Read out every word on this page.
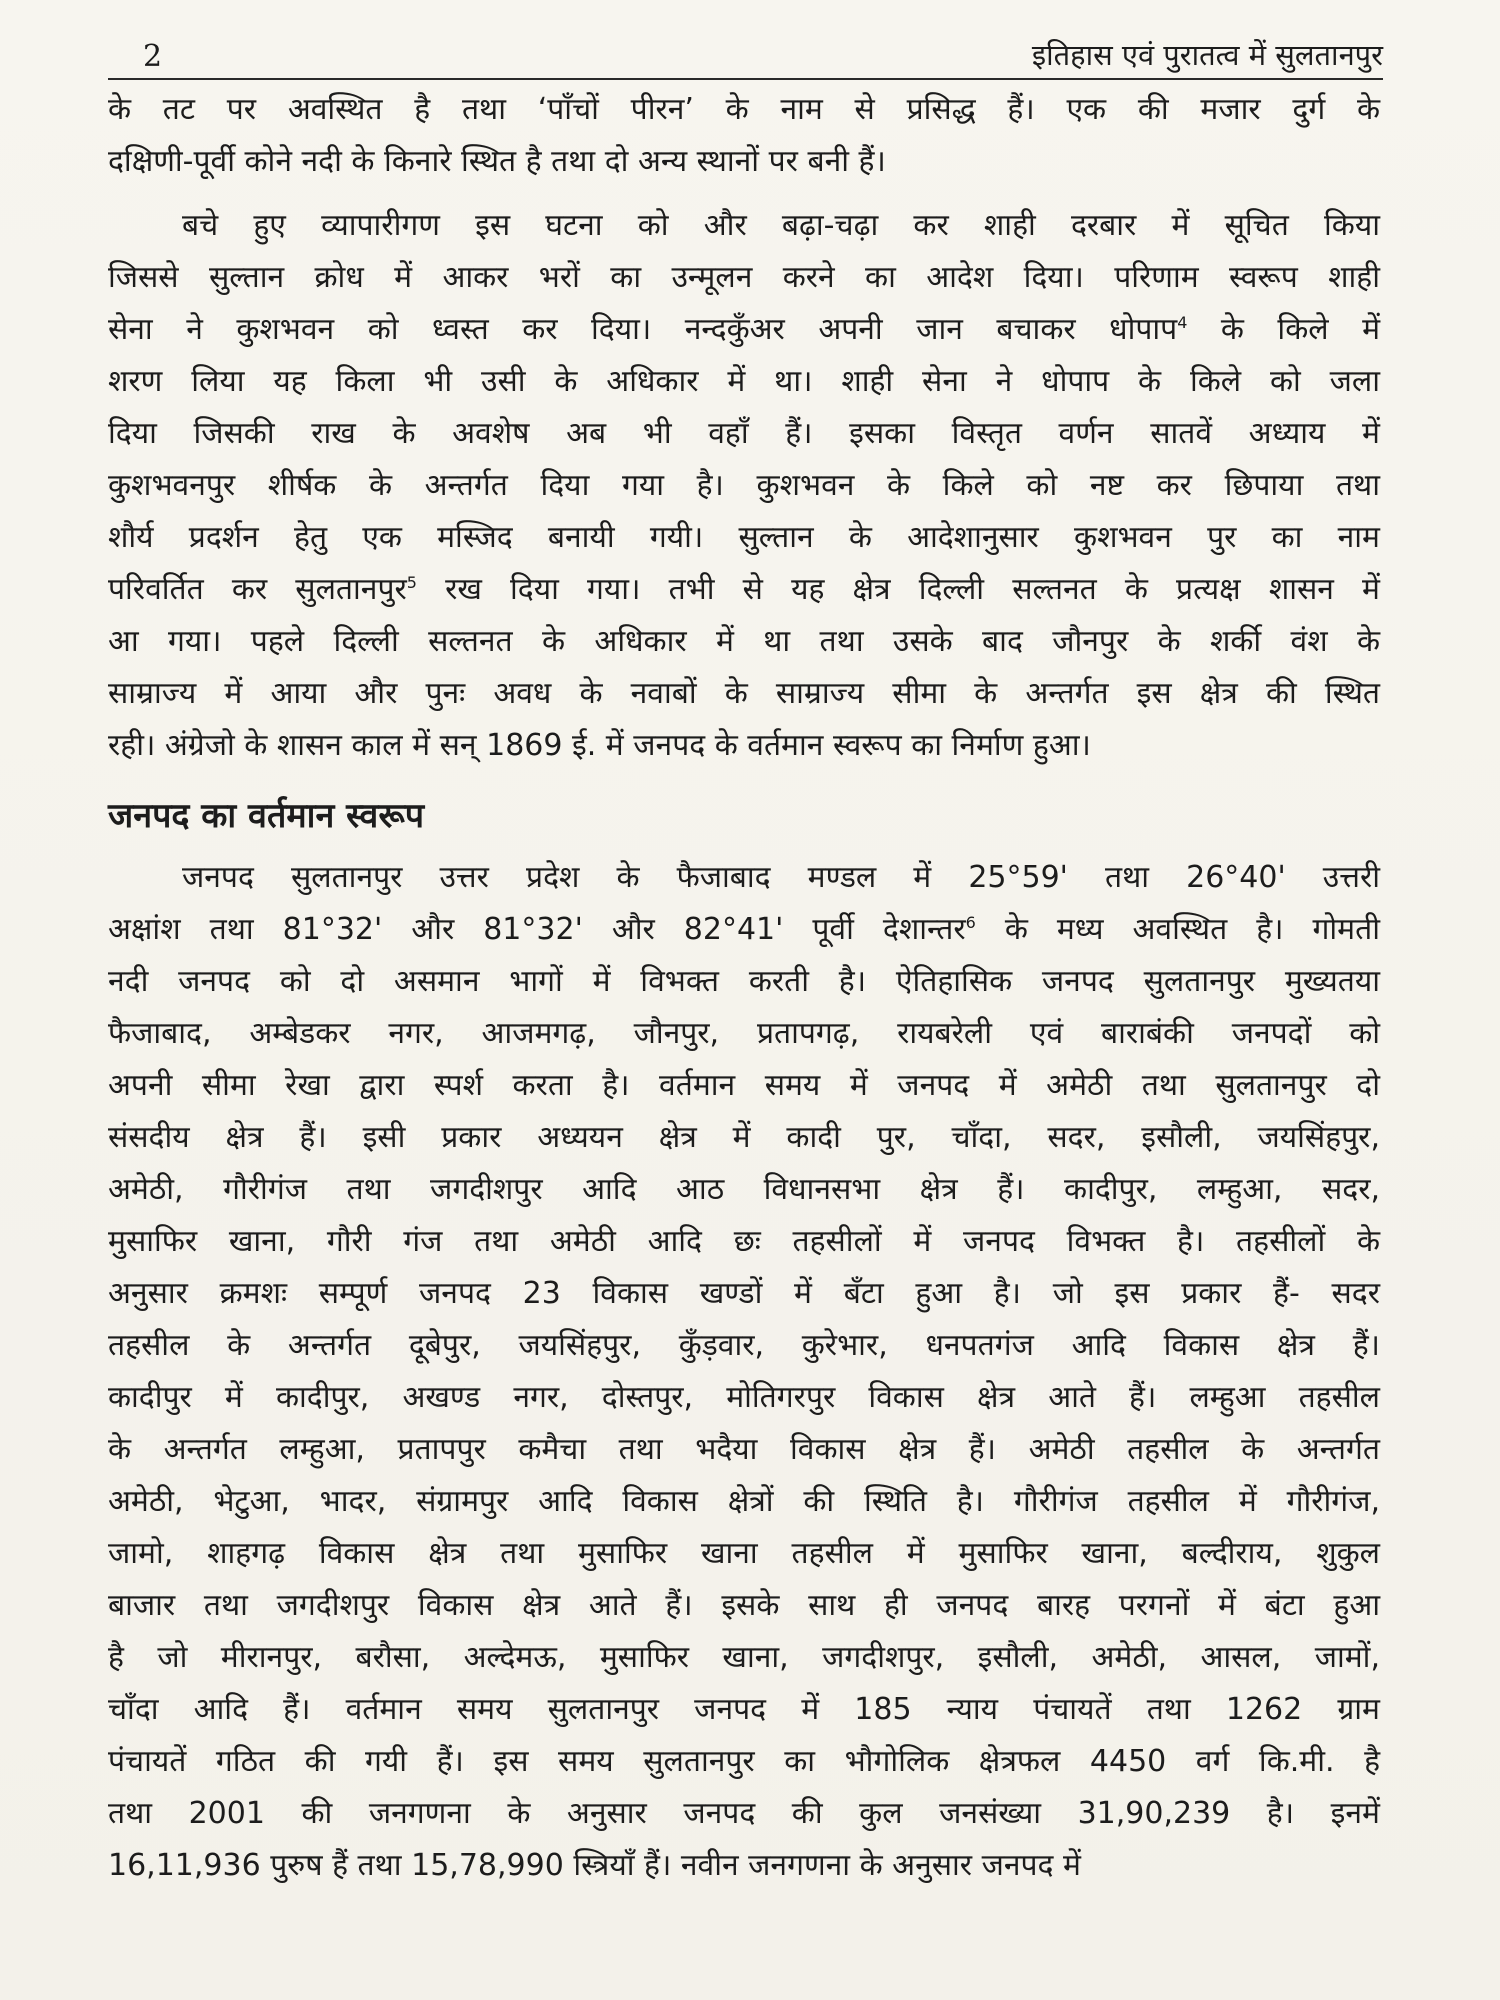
2	इतिहास एवं पुरातत्व में सुलतानपुर
के तट पर अवस्थित है तथा ‘पाँचों पीरन’ के नाम से प्रसिद्ध हैं। एक की मजार दुर्ग के दक्षिणी-पूर्वी कोने नदी के किनारे स्थित है तथा दो अन्य स्थानों पर बनी हैं।
बचे हुए व्यापारीगण इस घटना को और बढ़ा-चढ़ा कर शाही दरबार में सूचित किया जिससे सुल्तान क्रोध में आकर भरों का उन्मूलन करने का आदेश दिया। परिणाम स्वरूप शाही सेना ने कुशभवन को ध्वस्त कर दिया। नन्दकुँअर अपनी जान बचाकर धोपाप$^4$ के किले में शरण लिया यह किला भी उसी के अधिकार में था। शाही सेना ने धोपाप के किले को जला दिया जिसकी राख के अवशेष अब भी वहाँ हैं। इसका विस्तृत वर्णन सातवें अध्याय में कुशभवनपुर शीर्षक के अन्तर्गत दिया गया है। कुशभवन के किले को नष्ट कर छिपाया तथा शौर्य प्रदर्शन हेतु एक मस्जिद बनायी गयी। सुल्तान के आदेशानुसार कुशभवन पुर का नाम परिवर्तित कर सुलतानपुर$^5$ रख दिया गया। तभी से यह क्षेत्र दिल्ली सल्तनत के प्रत्यक्ष शासन में आ गया। पहले दिल्ली सल्तनत के अधिकार में था तथा उसके बाद जौनपुर के शर्की वंश के साम्राज्य में आया और पुनः अवध के नवाबों के साम्राज्य सीमा के अन्तर्गत इस क्षेत्र की स्थित रही। अंग्रेजो के शासन काल में सन् 1869 ई. में जनपद के वर्तमान स्वरूप का निर्माण हुआ।
जनपद का वर्तमान स्वरूप
जनपद सुलतानपुर उत्तर प्रदेश के फैजाबाद मण्डल में 25°59' तथा 26°40' उत्तरी अक्षांश तथा 81°32' और 81°32' और 82°41' पूर्वी देशान्तर$^6$ के मध्य अवस्थित है। गोमती नदी जनपद को दो असमान भागों में विभक्त करती है। ऐतिहासिक जनपद सुलतानपुर मुख्यतया फैजाबाद, अम्बेडकर नगर, आजमगढ़, जौनपुर, प्रतापगढ़, रायबरेली एवं बाराबंकी जनपदों को अपनी सीमा रेखा द्वारा स्पर्श करता है। वर्तमान समय में जनपद में अमेठी तथा सुलतानपुर दो संसदीय क्षेत्र हैं। इसी प्रकार अध्ययन क्षेत्र में कादी पुर, चाँदा, सदर, इसौली, जयसिंहपुर, अमेठी, गौरीगंज तथा जगदीशपुर आदि आठ विधानसभा क्षेत्र हैं। कादीपुर, लम्हुआ, सदर, मुसाफिर खाना, गौरी गंज तथा अमेठी आदि छः तहसीलों में जनपद विभक्त है। तहसीलों के अनुसार क्रमशः सम्पूर्ण जनपद 23 विकास खण्डों में बँटा हुआ है। जो इस प्रकार हैं- सदर तहसील के अन्तर्गत दूबेपुर, जयसिंहपुर, कुँड़वार, कुरेभार, धनपतगंज आदि विकास क्षेत्र हैं। कादीपुर में कादीपुर, अखण्ड नगर, दोस्तपुर, मोतिगरपुर विकास क्षेत्र आते हैं। लम्हुआ तहसील के अन्तर्गत लम्हुआ, प्रतापपुर कमैचा तथा भदैया विकास क्षेत्र हैं। अमेठी तहसील के अन्तर्गत अमेठी, भेटुआ, भादर, संग्रामपुर आदि विकास क्षेत्रों की स्थिति है। गौरीगंज तहसील में गौरीगंज, जामो, शाहगढ़ विकास क्षेत्र तथा मुसाफिर खाना तहसील में मुसाफिर खाना, बल्दीराय, शुकुल बाजार तथा जगदीशपुर विकास क्षेत्र आते हैं। इसके साथ ही जनपद बारह परगनों में बंटा हुआ है जो मीरानपुर, बरौसा, अल्देमऊ, मुसाफिर खाना, जगदीशपुर, इसौली, अमेठी, आसल, जामों, चाँदा आदि हैं। वर्तमान समय सुलतानपुर जनपद में 185 न्याय पंचायतें तथा 1262 ग्राम पंचायतें गठित की गयी हैं। इस समय सुलतानपुर का भौगोलिक क्षेत्रफल 4450 वर्ग कि.मी. है तथा 2001 की जनगणना के अनुसार जनपद की कुल जनसंख्या 31,90,239 है। इनमें 16,11,936 पुरुष हैं तथा 15,78,990 स्त्रियाँ हैं। नवीन जनगणना के अनुसार जनपद में
